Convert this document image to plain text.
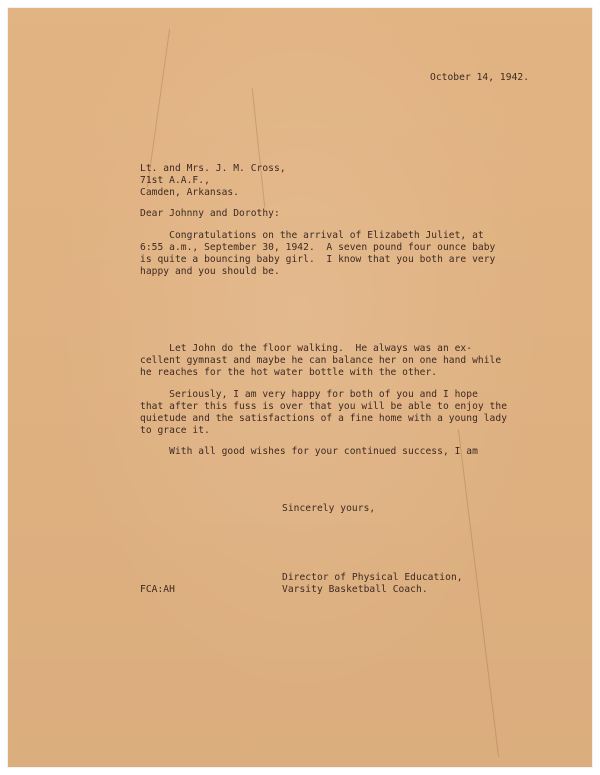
October 14, 1942.
Lt. and Mrs. J. M. Cross,
71st A.A.F.,
Camden, Arkansas.
Dear Johnny and Dorothy:
Congratulations on the arrival of Elizabeth Juliet, at
6:55 a.m., September 30, 1942.  A seven pound four ounce baby
is quite a bouncing baby girl.  I know that you both are very
happy and you should be.
Let John do the floor walking.  He always was an ex-
cellent gymnast and maybe he can balance her on one hand while
he reaches for the hot water bottle with the other.
Seriously, I am very happy for both of you and I hope
that after this fuss is over that you will be able to enjoy the
quietude and the satisfactions of a fine home with a young lady
to grace it.
With all good wishes for your continued success, I am
Sincerely yours,
Director of Physical Education,
Varsity Basketball Coach.
FCA:AH
